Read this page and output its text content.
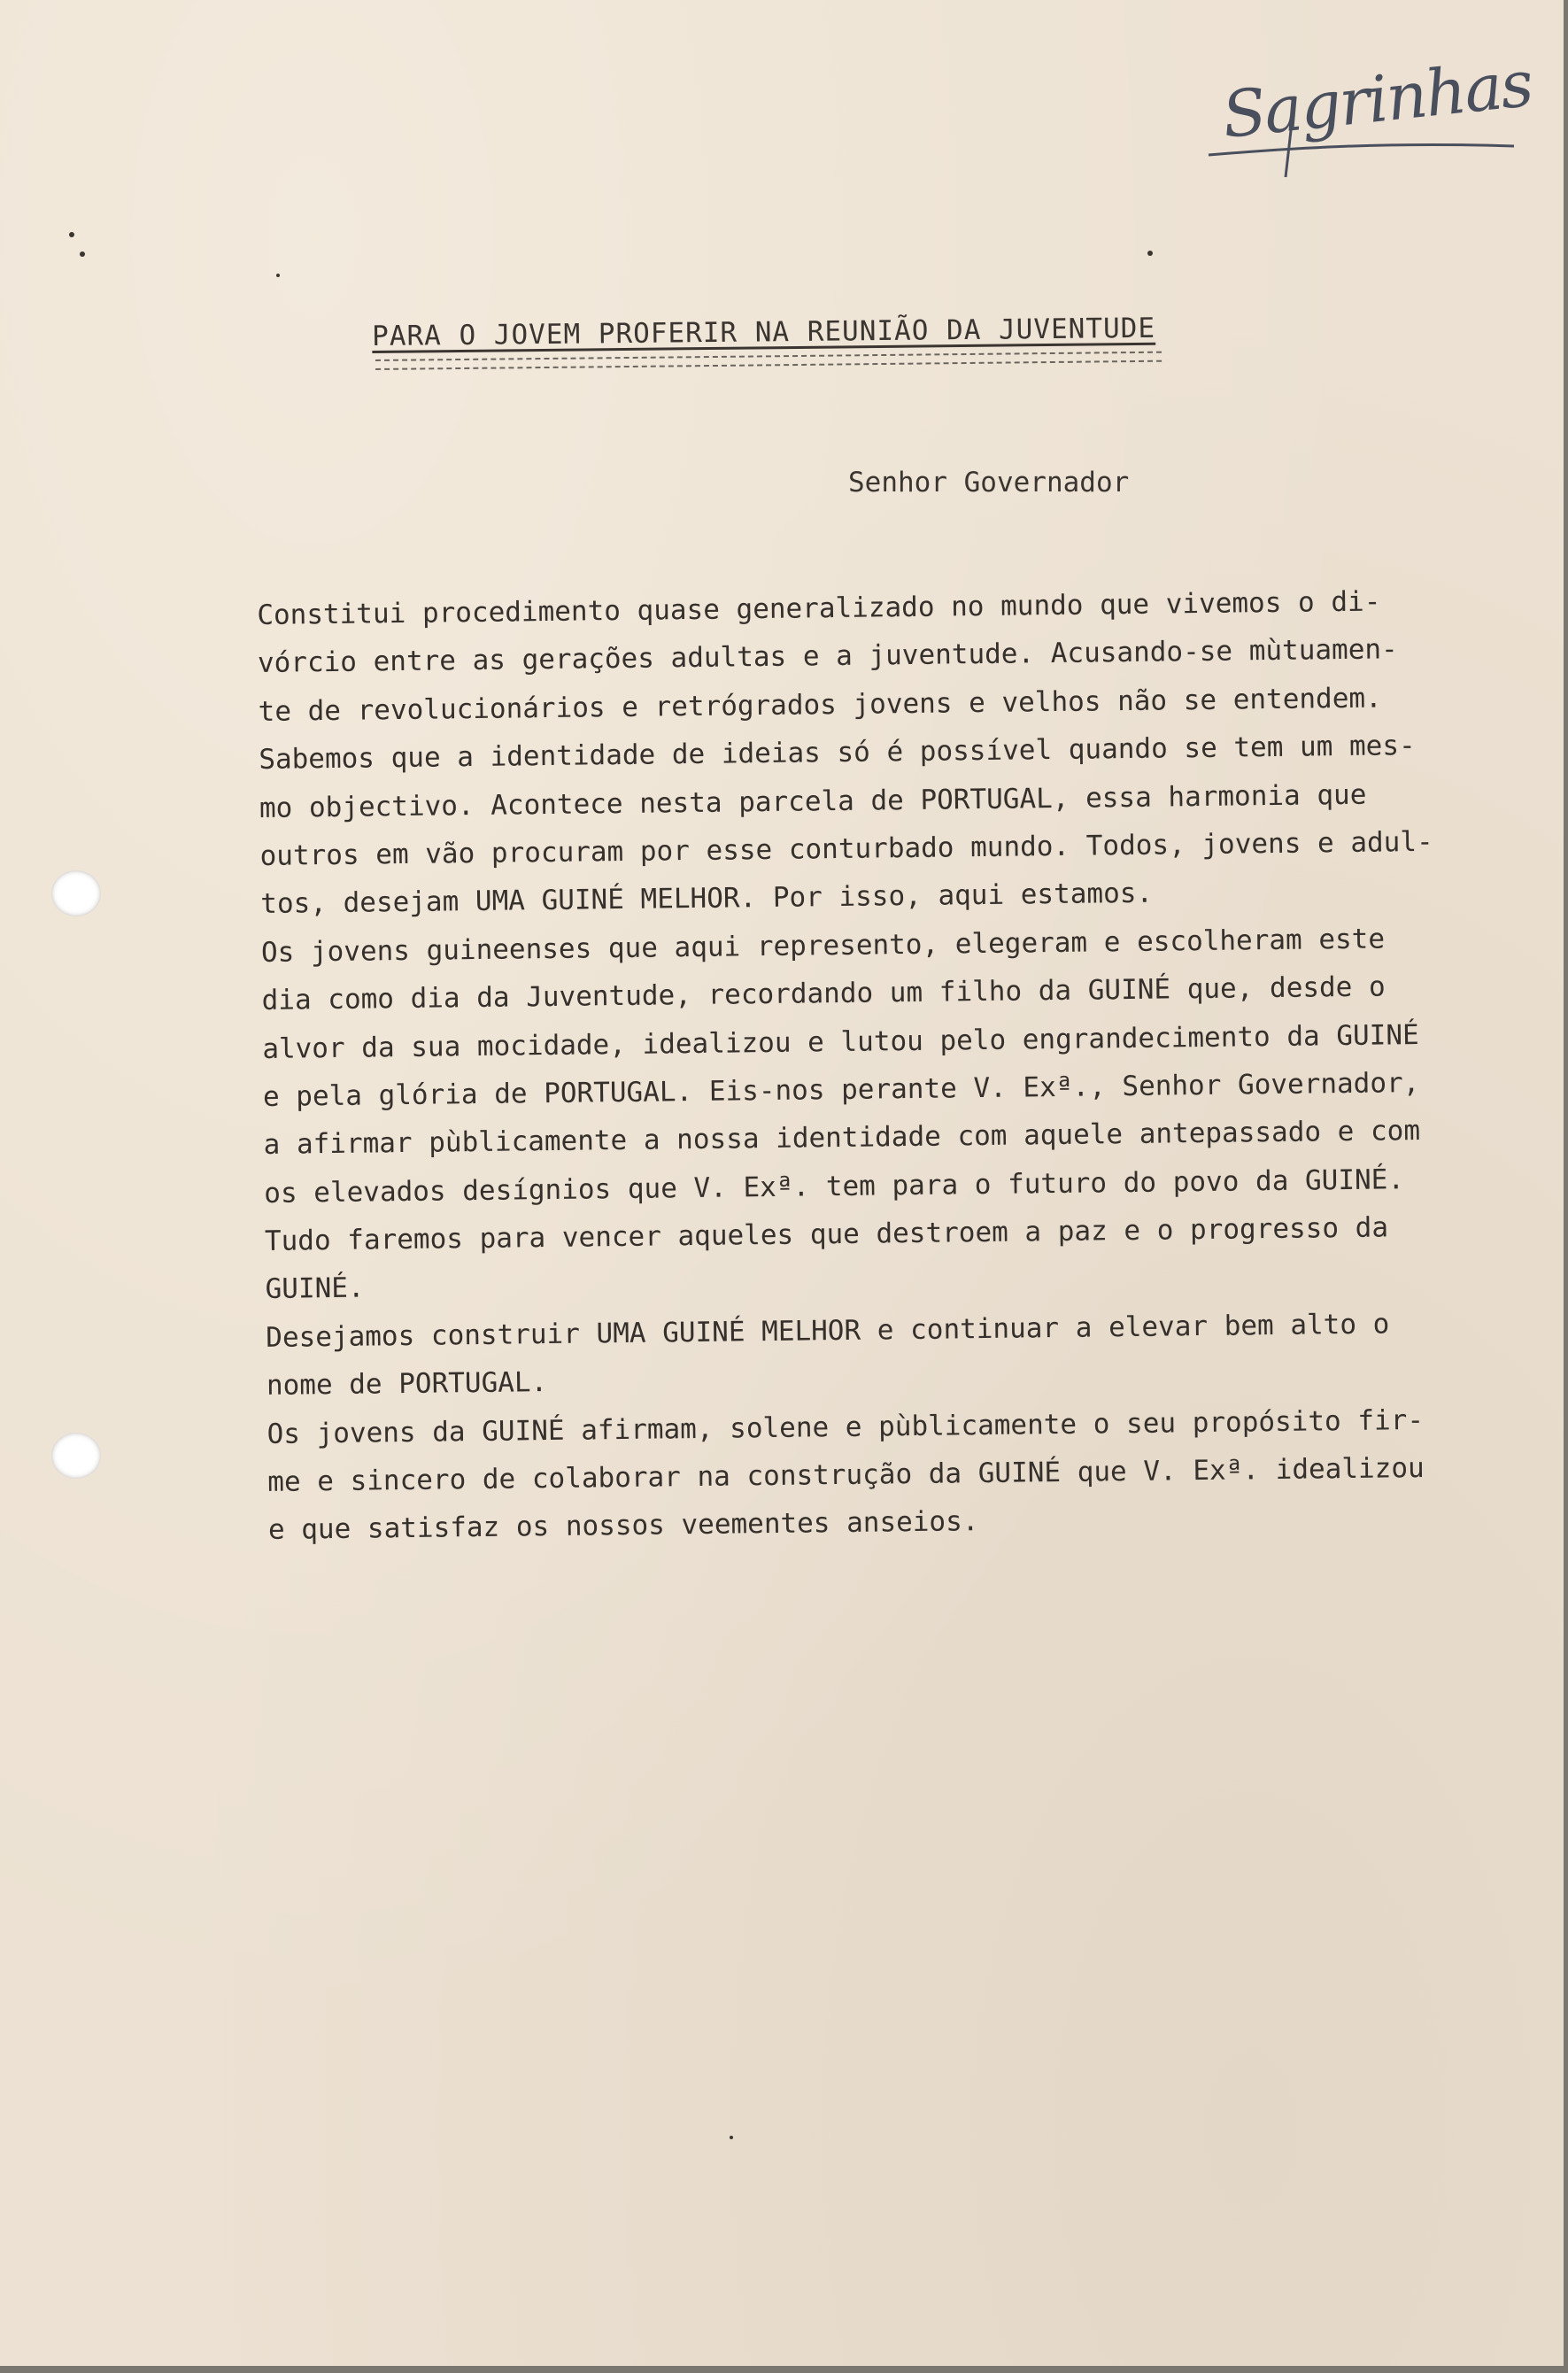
Sagrinhas
PARA O JOVEM PROFERIR NA REUNIÃO DA JUVENTUDE
Senhor Governador
Constitui procedimento quase generalizado no mundo que vivemos o di-
vórcio entre as gerações adultas e a juventude. Acusando-se mùtuamen-
te de revolucionários e retrógrados jovens e velhos não se entendem.
Sabemos que a identidade de ideias só é possível quando se tem um mes-
mo objectivo. Acontece nesta parcela de PORTUGAL, essa harmonia que
outros em vão procuram por esse conturbado mundo. Todos, jovens e adul-
tos, desejam UMA GUINÉ MELHOR. Por isso, aqui estamos.
Os jovens guineenses que aqui represento, elegeram e escolheram este
dia como dia da Juventude, recordando um filho da GUINÉ que, desde o
alvor da sua mocidade, idealizou e lutou pelo engrandecimento da GUINÉ
e pela glória de PORTUGAL. Eis-nos perante V. Exª., Senhor Governador,
a afirmar pùblicamente a nossa identidade com aquele antepassado e com
os elevados desígnios que V. Exª. tem para o futuro do povo da GUINÉ.
Tudo faremos para vencer aqueles que destroem a paz e o progresso da
GUINÉ.
Desejamos construir UMA GUINÉ MELHOR e continuar a elevar bem alto o
nome de PORTUGAL.
Os jovens da GUINÉ afirmam, solene e pùblicamente o seu propósito fir-
me e sincero de colaborar na construção da GUINÉ que V. Exª. idealizou
e que satisfaz os nossos veementes anseios.
